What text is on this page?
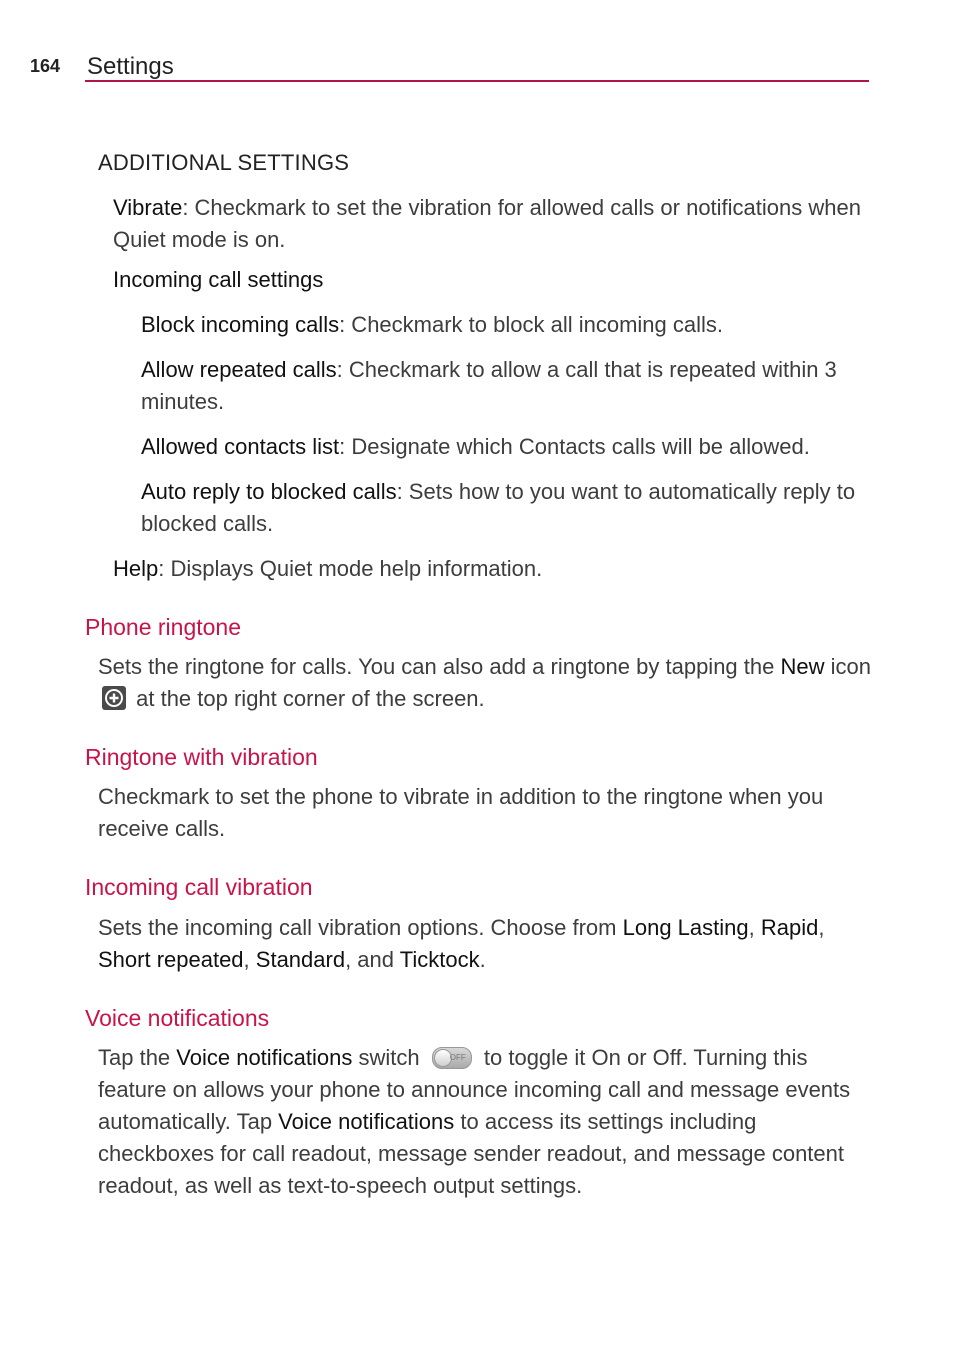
164 Settings
ADDITIONAL SETTINGS
Vibrate: Checkmark to set the vibration for allowed calls or notifications when Quiet mode is on.
Incoming call settings
Block incoming calls: Checkmark to block all incoming calls.
Allow repeated calls: Checkmark to allow a call that is repeated within 3 minutes.
Allowed contacts list: Designate which Contacts calls will be allowed.
Auto reply to blocked calls: Sets how to you want to automatically reply to blocked calls.
Help: Displays Quiet mode help information.
Phone ringtone
Sets the ringtone for calls. You can also add a ringtone by tapping the New icon
at the top right corner of the screen.
Ringtone with vibration
Checkmark to set the phone to vibrate in addition to the ringtone when you receive calls.
Incoming call vibration
Sets the incoming call vibration options. Choose from Long Lasting, Rapid, Short repeated, Standard, and Ticktock.
Voice notifications
Tap the Voice notifications switch	OFF to toggle it On or Off. Turning this feature on allows your phone to announce incoming call and message events automatically. Tap Voice notifications to access its settings including checkboxes for call readout, message sender readout, and message content readout, as well as text-to-speech output settings.
